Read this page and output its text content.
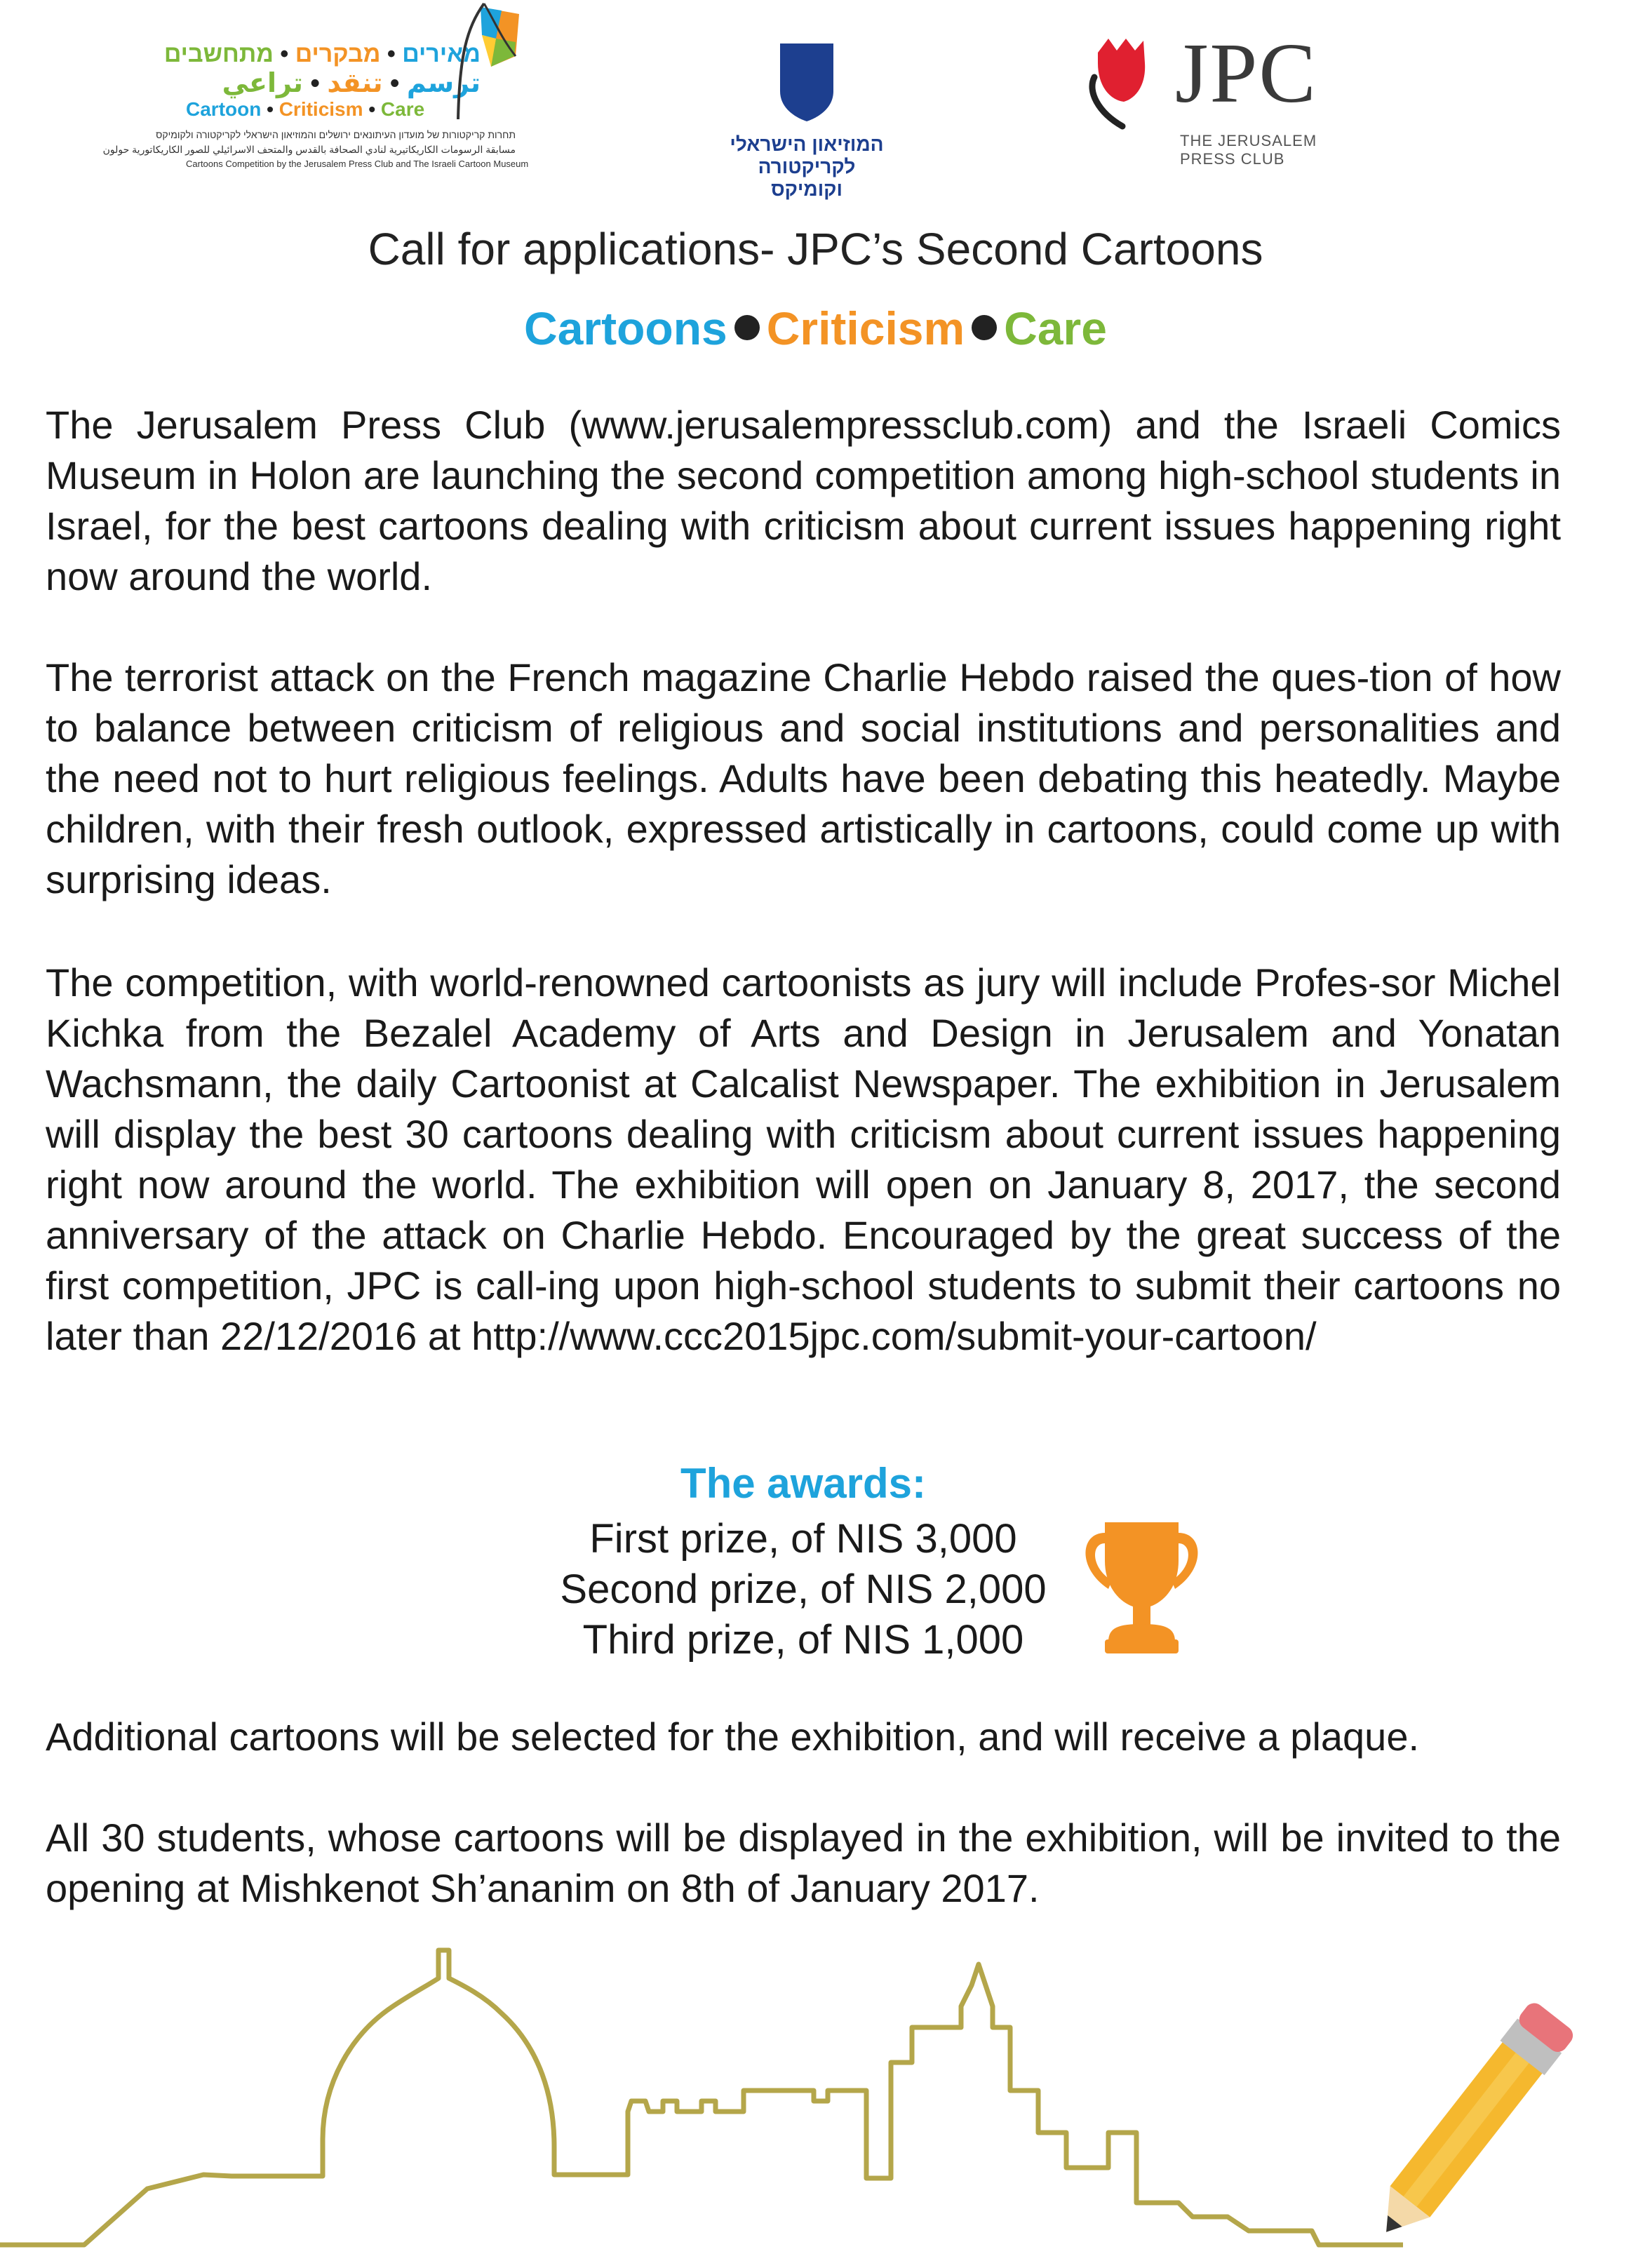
מאירים • מבקרים • מתחשבים
ترسم • تنقد • تراعي
Cartoon • Criticism • Care
תחרות קריקטורות של מועדון העיתונאים ירושלים והמוזיאון הישראלי לקריקטורה ולקומיקס
مسابقة الرسومات الكاريكاتيرية لنادي الصحافة بالقدس والمتحف الاسرائيلي للصور الكاريكاتورية حولون
Cartoons Competition by the Jerusalem Press Club and The Israeli Cartoon Museum
המוזיאון הישראלי
לקריקטורה וקומיקס
JPC
THE JERUSALEM
PRESS CLUB
Call for applications- JPC’s Second Cartoons
Cartoons Criticism Care
The Jerusalem Press Club (www.jerusalempressclub.com) and the Israeli Comics Museum in Holon are launching the second competition among high-school students in Israel, for the best cartoons dealing with criticism about current issues happening right now around the world.
The terrorist attack on the French magazine Charlie Hebdo raised the ques-tion of how to balance between criticism of religious and social institutions and personalities and the need not to hurt religious feelings. Adults have been debating this heatedly. Maybe children, with their fresh outlook, expressed artistically in cartoons, could come up with surprising ideas.
The competition, with world-renowned cartoonists as jury will include Profes-sor Michel Kichka from the Bezalel Academy of Arts and Design in Jerusalem and Yonatan Wachsmann, the daily Cartoonist at Calcalist Newspaper. The exhibition in Jerusalem will display the best 30 cartoons dealing with criticism about current issues happening right now around the world. The exhibition will open on January 8, 2017, the second anniversary of the attack on Charlie Hebdo. Encouraged by the great success of the first competition, JPC is call-ing upon high-school students to submit their cartoons no later than 22/12/2016 at http://www.ccc2015jpc.com/submit-your-cartoon/
The awards:
First prize, of NIS 3,000
Second prize, of NIS 2,000
Third prize, of NIS 1,000
Additional cartoons will be selected for the exhibition, and will receive a plaque.
All 30 students, whose cartoons will be displayed in the exhibition, will be invited to the opening at Mishkenot Sh’ananim on 8th of January 2017.
